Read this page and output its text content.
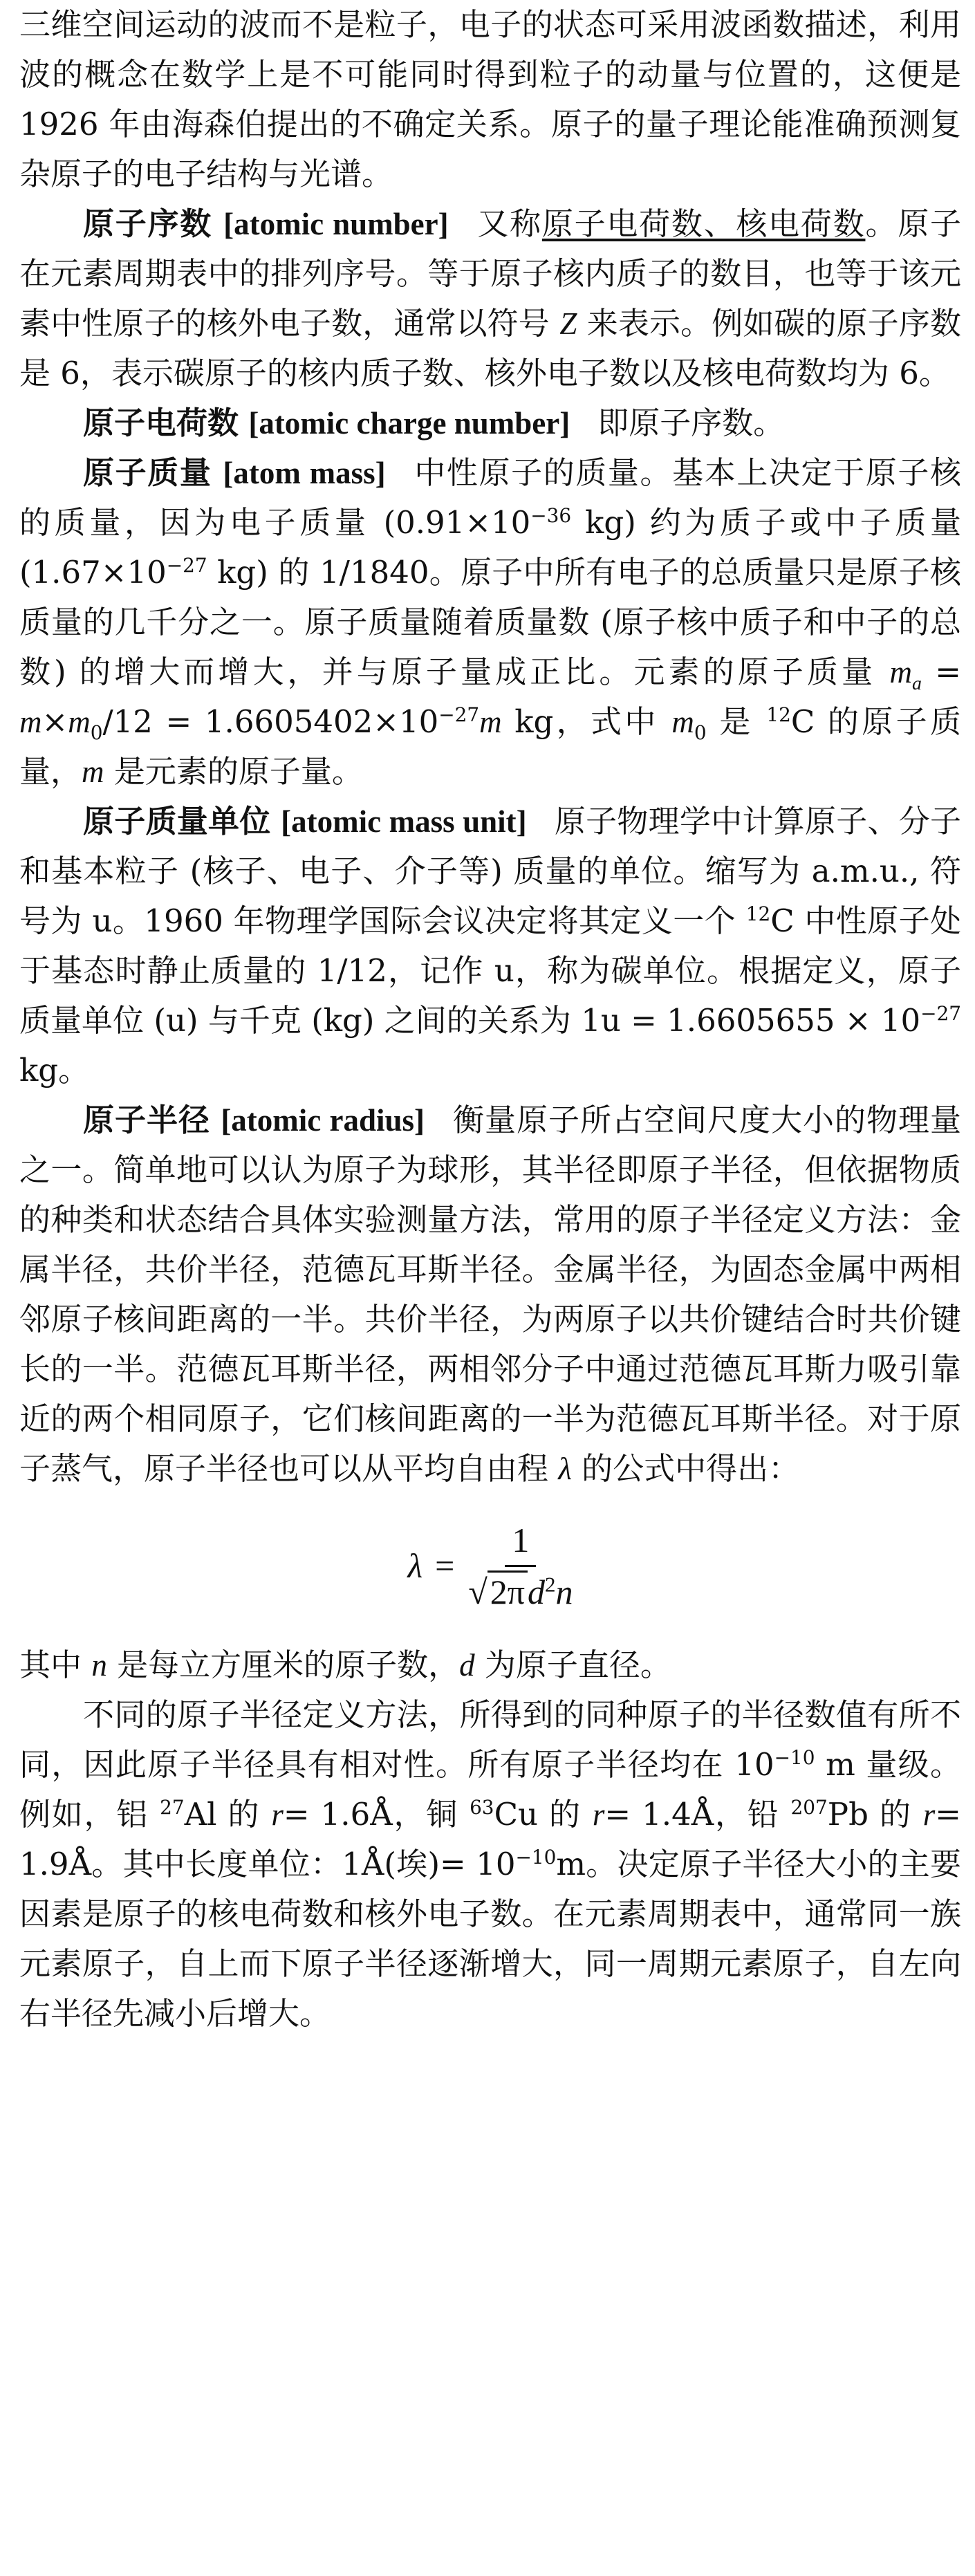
三维空间运动的波而不是粒子，电子的状态可采用波函数描述，利用波的概念在数学上是不可能同时得到粒子的动量与位置的，这便是 1926 年由海森伯提出的不确定关系。原子的量子理论能准确预测复杂原子的电子结构与光谱。

原子序数 [atomic number] 又称原子电荷数、核电荷数。原子在元素周期表中的排列序号。等于原子核内质子的数目，也等于该元素中性原子的核外电子数，通常以符号 Z 来表示。例如碳的原子序数是 6，表示碳原子的核内质子数、核外电子数以及核电荷数均为 6。

原子电荷数 [atomic charge number] 即原子序数。

原子质量 [atom mass] 中性原子的质量。基本上决定于原子核的质量，因为电子质量 ($0.91\times 10^{-36}$ kg) 约为质子或中子质量 ($1.67\times 10^{-27}$ kg) 的 1/1840。原子中所有电子的总质量只是原子核质量的几千分之一。原子质量随着质量数 (原子核中质子和中子的总数) 的增大而增大，并与原子量成正比。元素的原子质量 $m_a = m\times m_0/12 = 1.6605402\times 10^{-27}m$ kg，式中 $m_0$ 是 $^{12}$C 的原子质量，m 是元素的原子量。

原子质量单位 [atomic mass unit] 原子物理学中计算原子、分子和基本粒子 (核子、电子、介子等) 质量的单位。缩写为 a.m.u., 符号为 u。1960 年物理学国际会议决定将其定义一个 $^{12}$C 中性原子处于基态时静止质量的 1/12，记作 u，称为碳单位。根据定义，原子质量单位 (u) 与千克 (kg) 之间的关系为 $1u = 1.6605655 \times 10^{-27}$ kg。

原子半径 [atomic radius] 衡量原子所占空间尺度大小的物理量之一。简单地可以认为原子为球形，其半径即原子半径，但依据物质的种类和状态结合具体实验测量方法，常用的原子半径定义方法：金属半径，共价半径，范德瓦耳斯半径。金属半径，为固态金属中两相邻原子核间距离的一半。共价半径，为两原子以共价键结合时共价键长的一半。范德瓦耳斯半径，两相邻分子中通过范德瓦耳斯力吸引靠近的两个相同原子，它们核间距离的一半为范德瓦耳斯半径。对于原子蒸气，原子半径也可以从平均自由程 λ 的公式中得出：

$\lambda = \frac{1}{√2\pi d^2n}$

其中 n 是每立方厘米的原子数，d 为原子直径。

不同的原子半径定义方法，所得到的同种原子的半径数值有所不同，因此原子半径具有相对性。所有原子半径均在 $10^{-10}$ m 量级。例如，铝 $^{27}$Al 的 r= 1.6Å，铜 $^{63}$Cu 的 r= 1.4Å，铅 $^{207}$Pb 的 r= 1.9Å。其中长度单位：1Å(埃)= $10^{-10}m$。决定原子半径大小的主要因素是原子的核电荷数和核外电子数。在元素周期表中，通常同一族元素原子，自上而下原子半径逐渐增大，同一周期元素原子，自左向右半径先减小后增大。
